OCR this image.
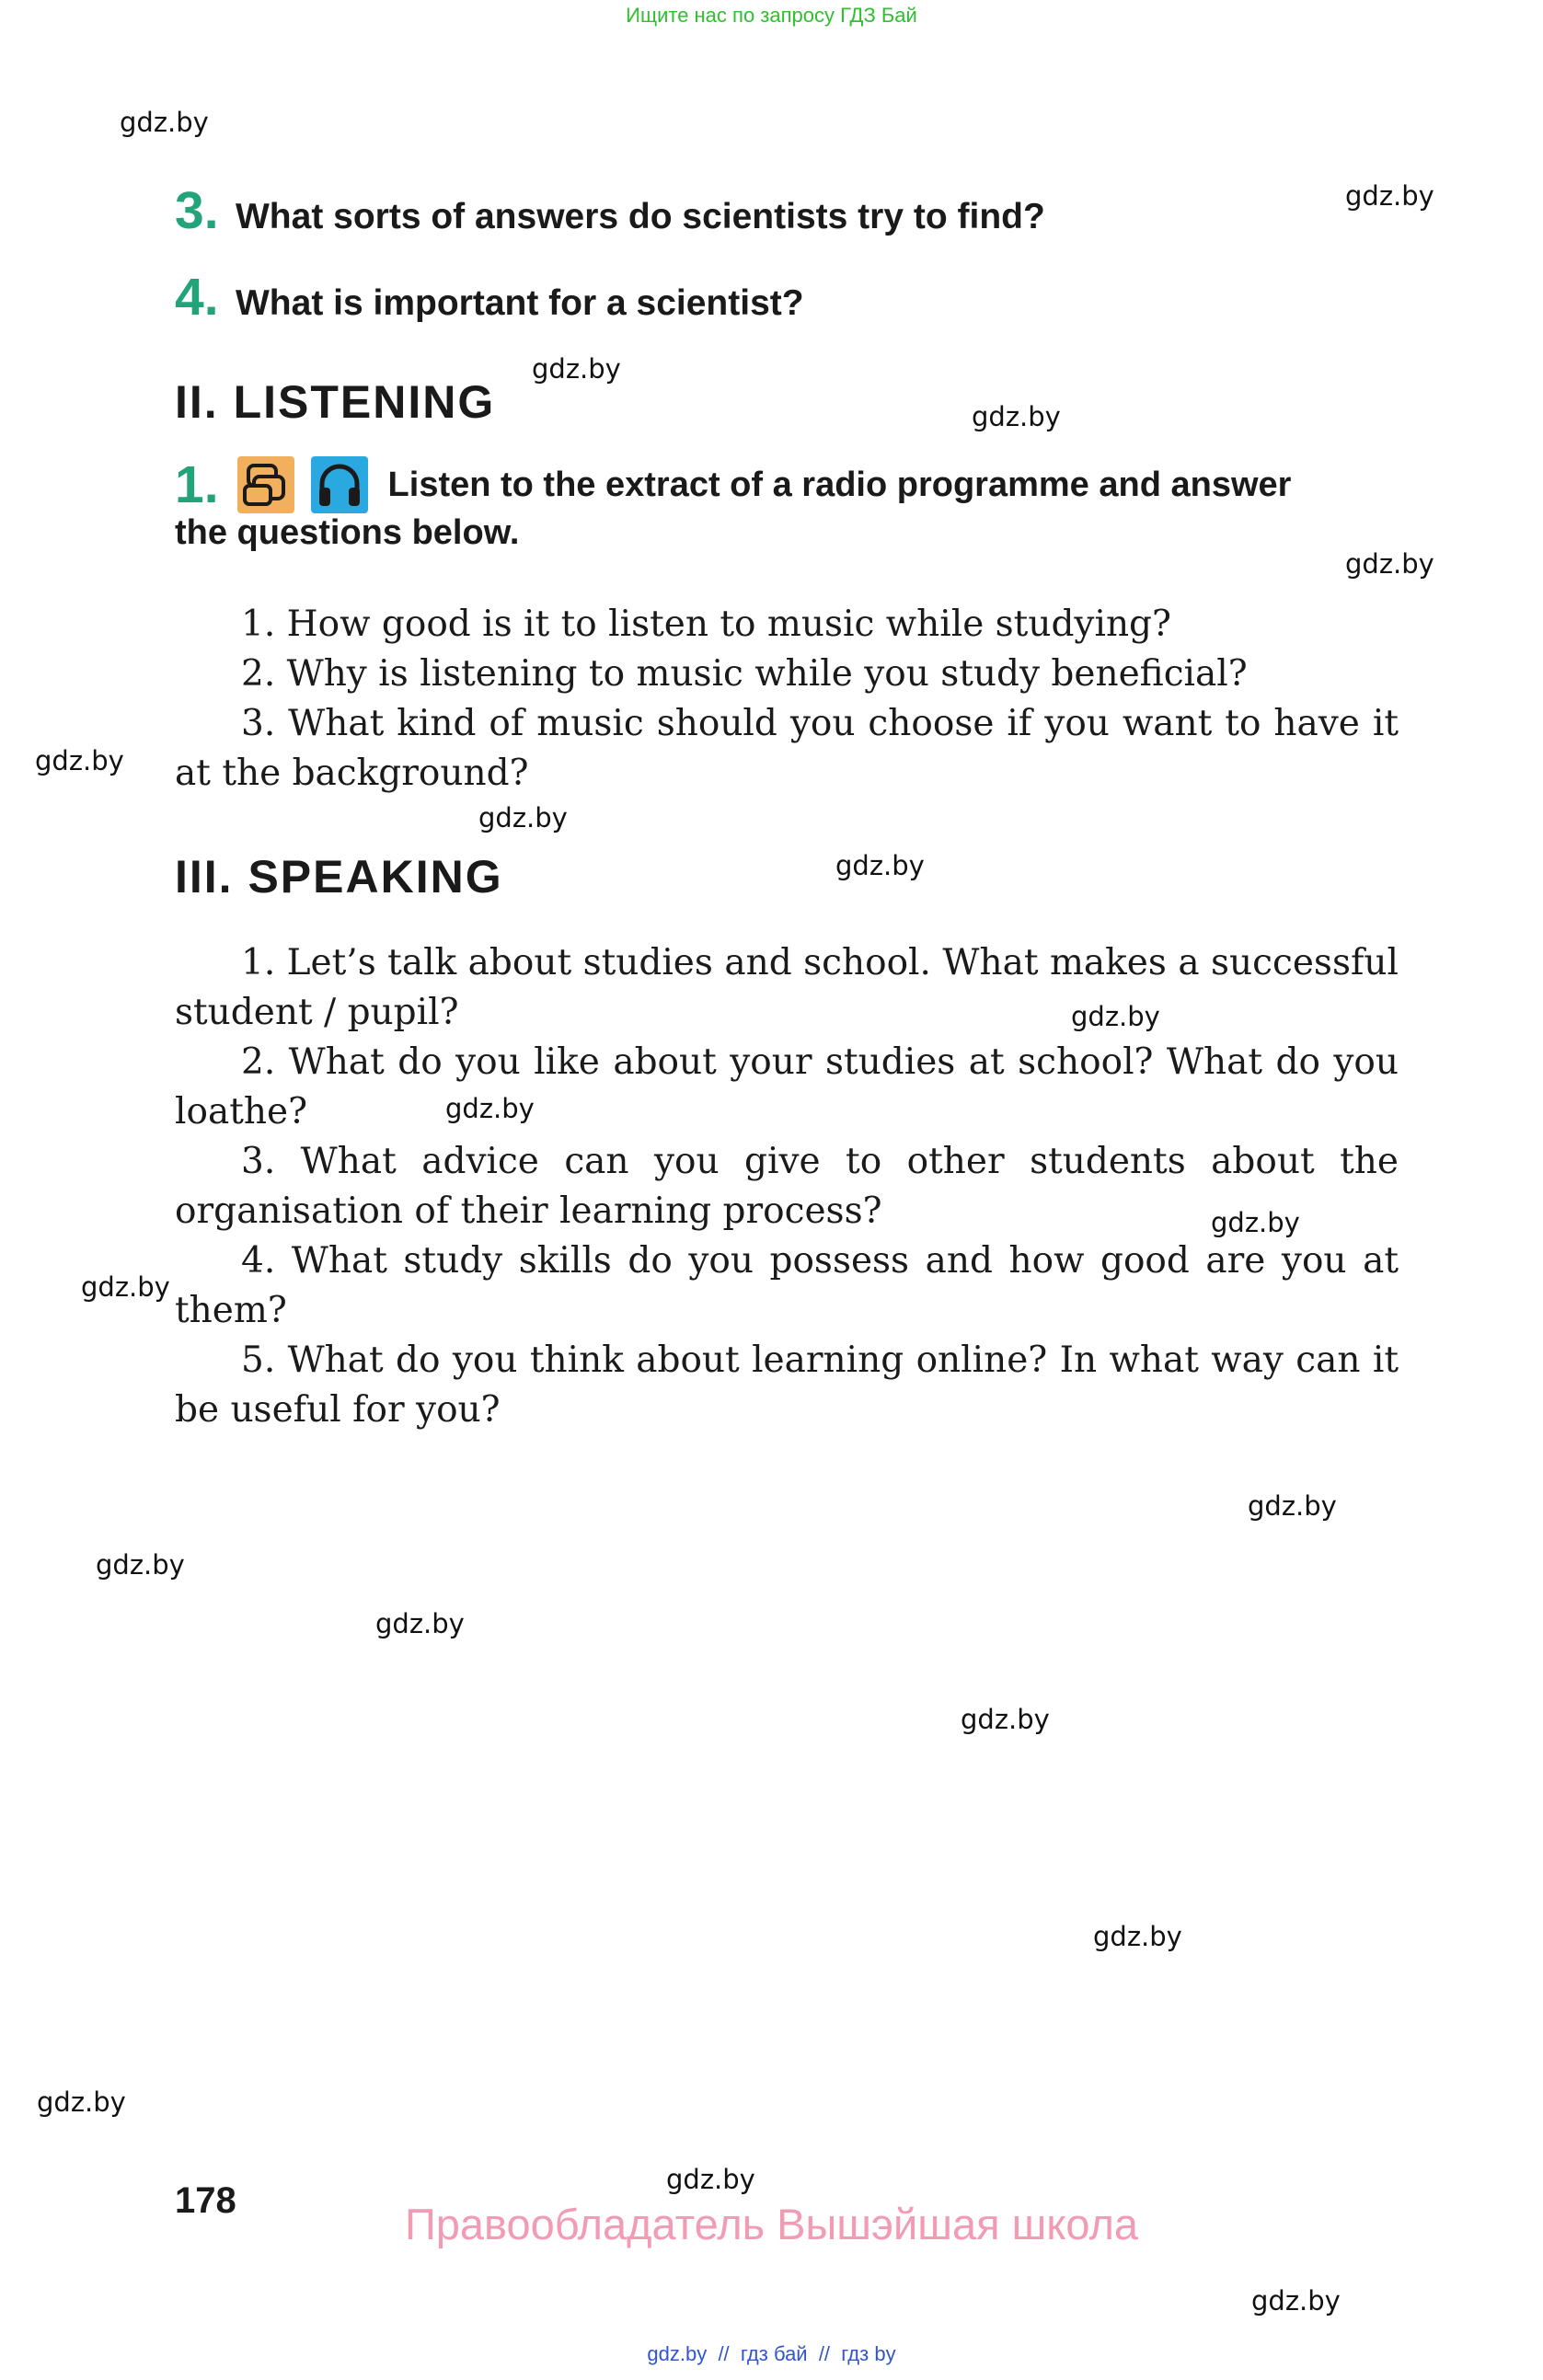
Ищите нас по запросу ГДЗ Бай
3. What sorts of answers do scientists try to find?
4. What is important for a scientist?
II. LISTENING
1.	Listen to the extract of a radio programme and answer
the questions below.

1. How good is it to listen to music while studying?

2. Why is listening to music while you study beneficial?

3. What kind of music should you choose if you want to have it at the background?

III. SPEAKING

1. Let’s talk about studies and school. What makes a successful student / pupil?

2. What do you like about your studies at school? What do you loathe?

3. What advice can you give to other students about the organisation of their learning process?

4. What study skills do you possess and how good are you at them?

5. What do you think about learning online? In what way can it be useful for you?

gdz.by
gdz.by
gdz.by
gdz.by
gdz.by
gdz.by
gdz.by
gdz.by
gdz.by
gdz.by
gdz.by
gdz.by
gdz.by
gdz.by
gdz.by
gdz.by
gdz.by
gdz.by
gdz.by
gdz.by
178	Правообладатель Вышэйшая школа
gdz.by  //  гдз бай  //  гдз by
